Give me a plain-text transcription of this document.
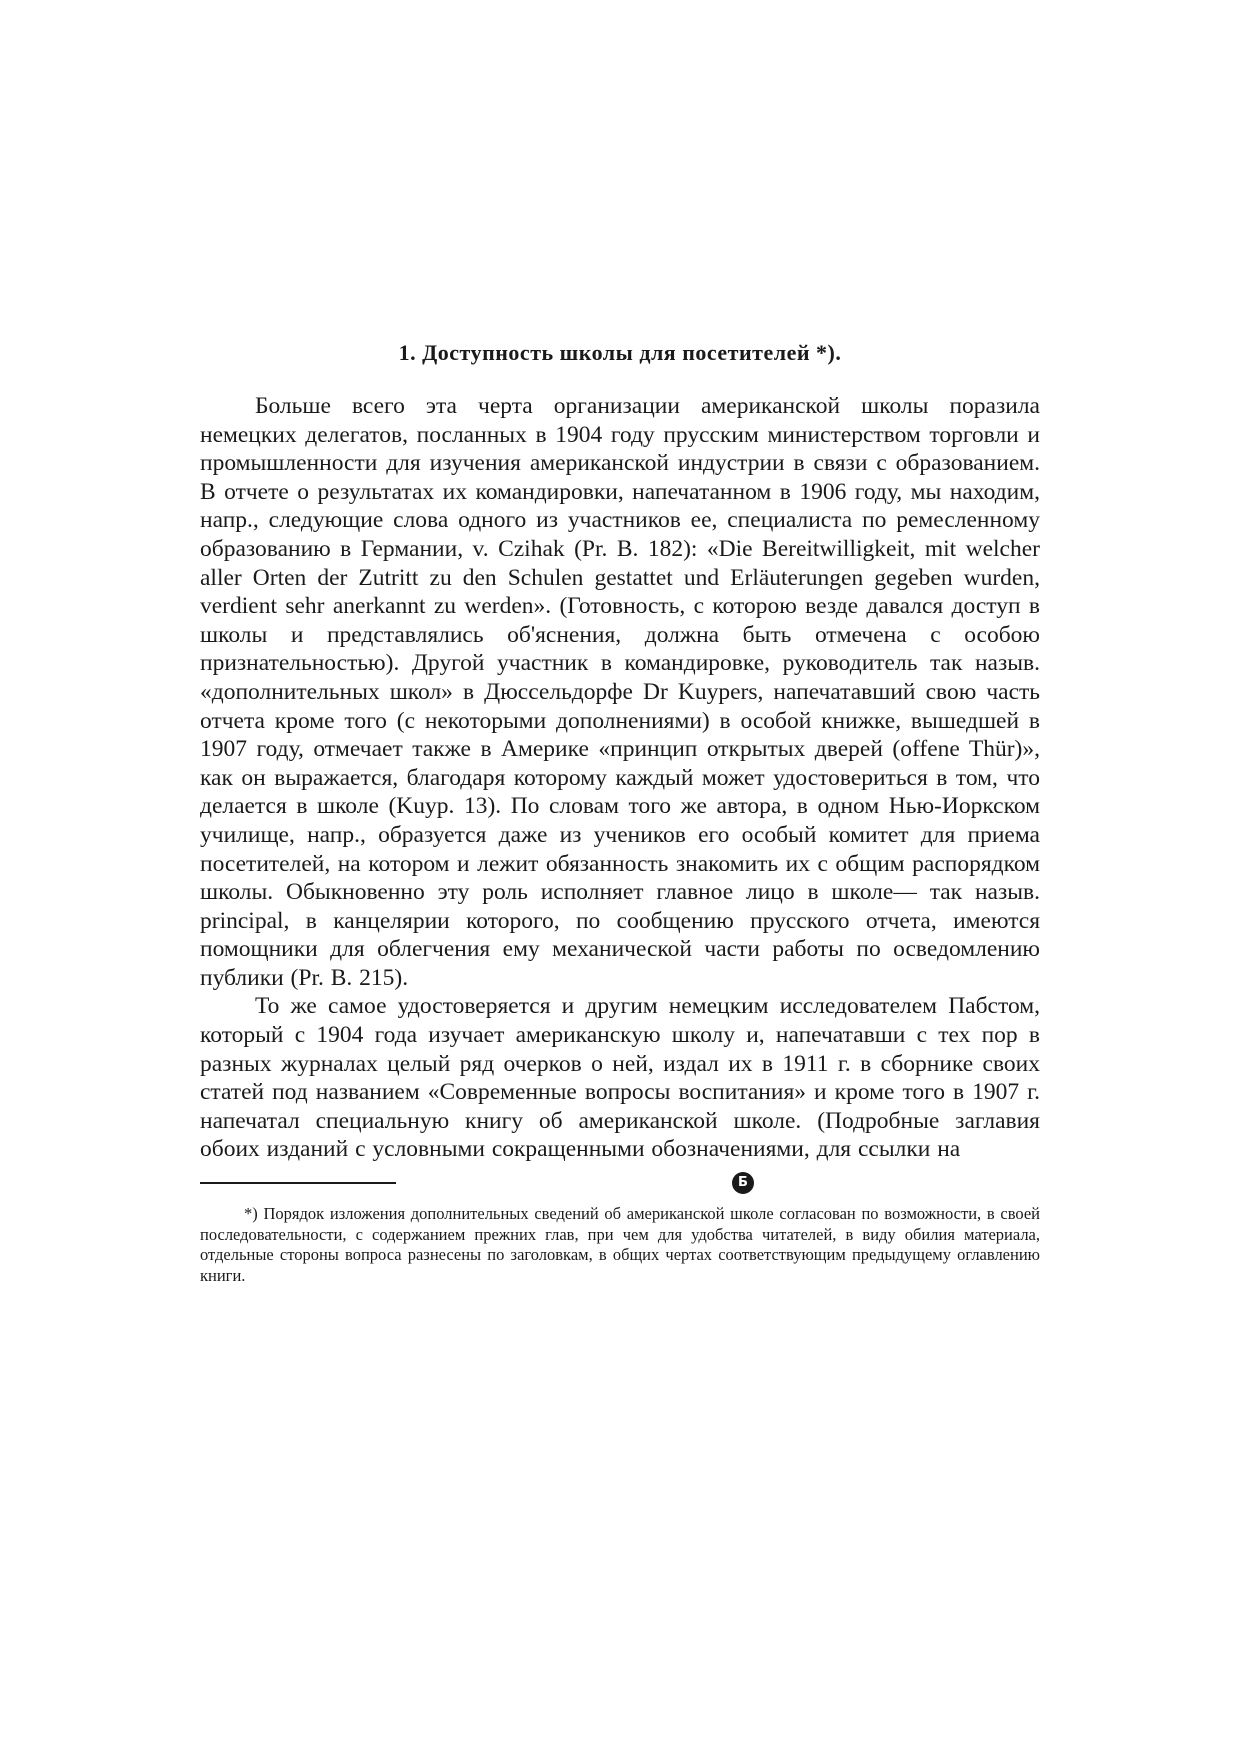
1. Доступность школы для посетителей *).

Больше всего эта черта организации американской школы поразила немецких делегатов, посланных в 1904 году прусским министерством торговли и промышленности для изучения американской индустрии в связи с образованием. В отчете о результатах их командировки, напечатанном в 1906 году, мы находим, напр., следующие слова одного из участников ее, специалиста по ремесленному образованию в Германии, v. Czihak (Pr. B. 182): «Die Bereitwilligkeit, mit welcher aller Orten der Zutritt zu den Schulen gestattet und Erläuterungen gegeben wurden, verdient sehr anerkannt zu werden». (Готовность, с которою везде давался доступ в школы и представлялись об'яснения, должна быть отмечена с особою признательностью). Другой участник в командировке, руководитель так назыв. «дополнительных школ» в Дюссельдорфе Dr Kuypers, напечатавший свою часть отчета кроме того (с некоторыми дополнениями) в особой книжке, вышедшей в 1907 году, отмечает также в Америке «принцип открытых дверей (offene Thür)», как он выражается, благодаря которому каждый может удостовериться в том, что делается в школе (Kuyp. 13). По словам того же автора, в одном Нью-Иоркском училище, напр., образуется даже из учеников его особый комитет для приема посетителей, на котором и лежит обязанность знакомить их с общим распорядком школы. Обыкновенно эту роль исполняет главное лицо в школе— так назыв. principal, в канцелярии которого, по сообщению прусского отчета, имеются помощники для облегчения ему механической части работы по осведомлению публики (Pr. B. 215).

То же самое удостоверяется и другим немецким исследователем Пабстом, который с 1904 года изучает американскую школу и, напечатавши с тех пор в разных журналах целый ряд очерков о ней, издал их в 1911 г. в сборнике своих статей под названием «Современные вопросы воспитания» и кроме того в 1907 г. напечатал специальную книгу об американской школе. (Подробные заглавия обоих изданий с условными сокращенными обозначениями, для ссылки на

Б

*) Порядок изложения дополнительных сведений об американской школе согласован по возможности, в своей последовательности, с содержанием прежних глав, при чем для удобства читателей, в виду обилия материала, отдельные стороны вопроса разнесены по заголовкам, в общих чертах соответствующим предыдущему оглавлению книги.
